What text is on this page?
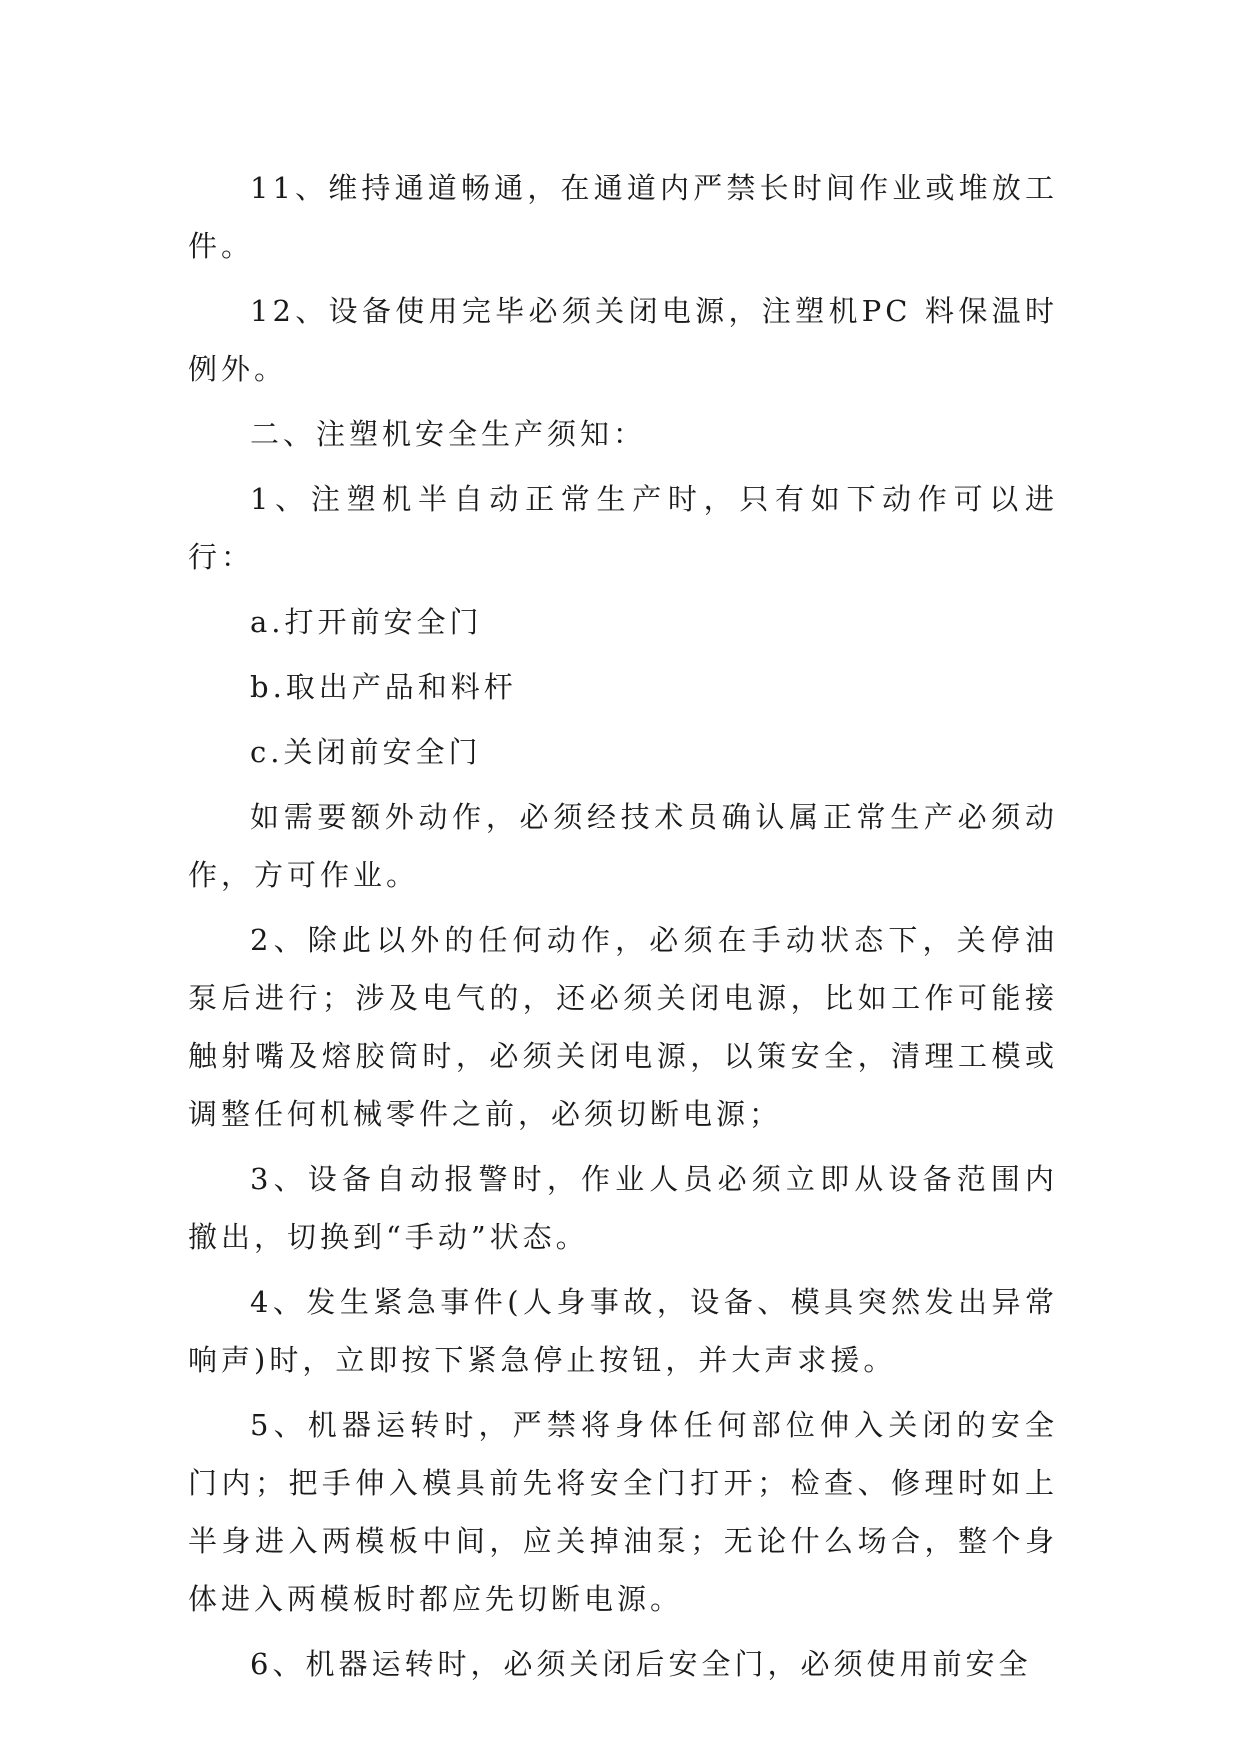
11、维持通道畅通，在通道内严禁长时间作业或堆放工件。

12、设备使用完毕必须关闭电源，注塑机PC 料保温时例外。

二、注塑机安全生产须知：

1、注塑机半自动正常生产时，只有如下动作可以进行：

a.打开前安全门

b.取出产品和料杆

c.关闭前安全门

如需要额外动作，必须经技术员确认属正常生产必须动作，方可作业。

2、除此以外的任何动作，必须在手动状态下，关停油泵后进行；涉及电气的，还必须关闭电源，比如工作可能接触射嘴及熔胶筒时，必须关闭电源，以策安全，清理工模或调整任何机械零件之前，必须切断电源；

3、设备自动报警时，作业人员必须立即从设备范围内撤出，切换到“手动”状态。

4、发生紧急事件(人身事故，设备、模具突然发出异常响声)时，立即按下紧急停止按钮，并大声求援。

5、机器运转时，严禁将身体任何部位伸入关闭的安全门内；把手伸入模具前先将安全门打开；检查、修理时如上半身进入两模板中间，应关掉油泵；无论什么场合，整个身体进入两模板时都应先切断电源。

6、机器运转时，必须关闭后安全门，必须使用前安全
